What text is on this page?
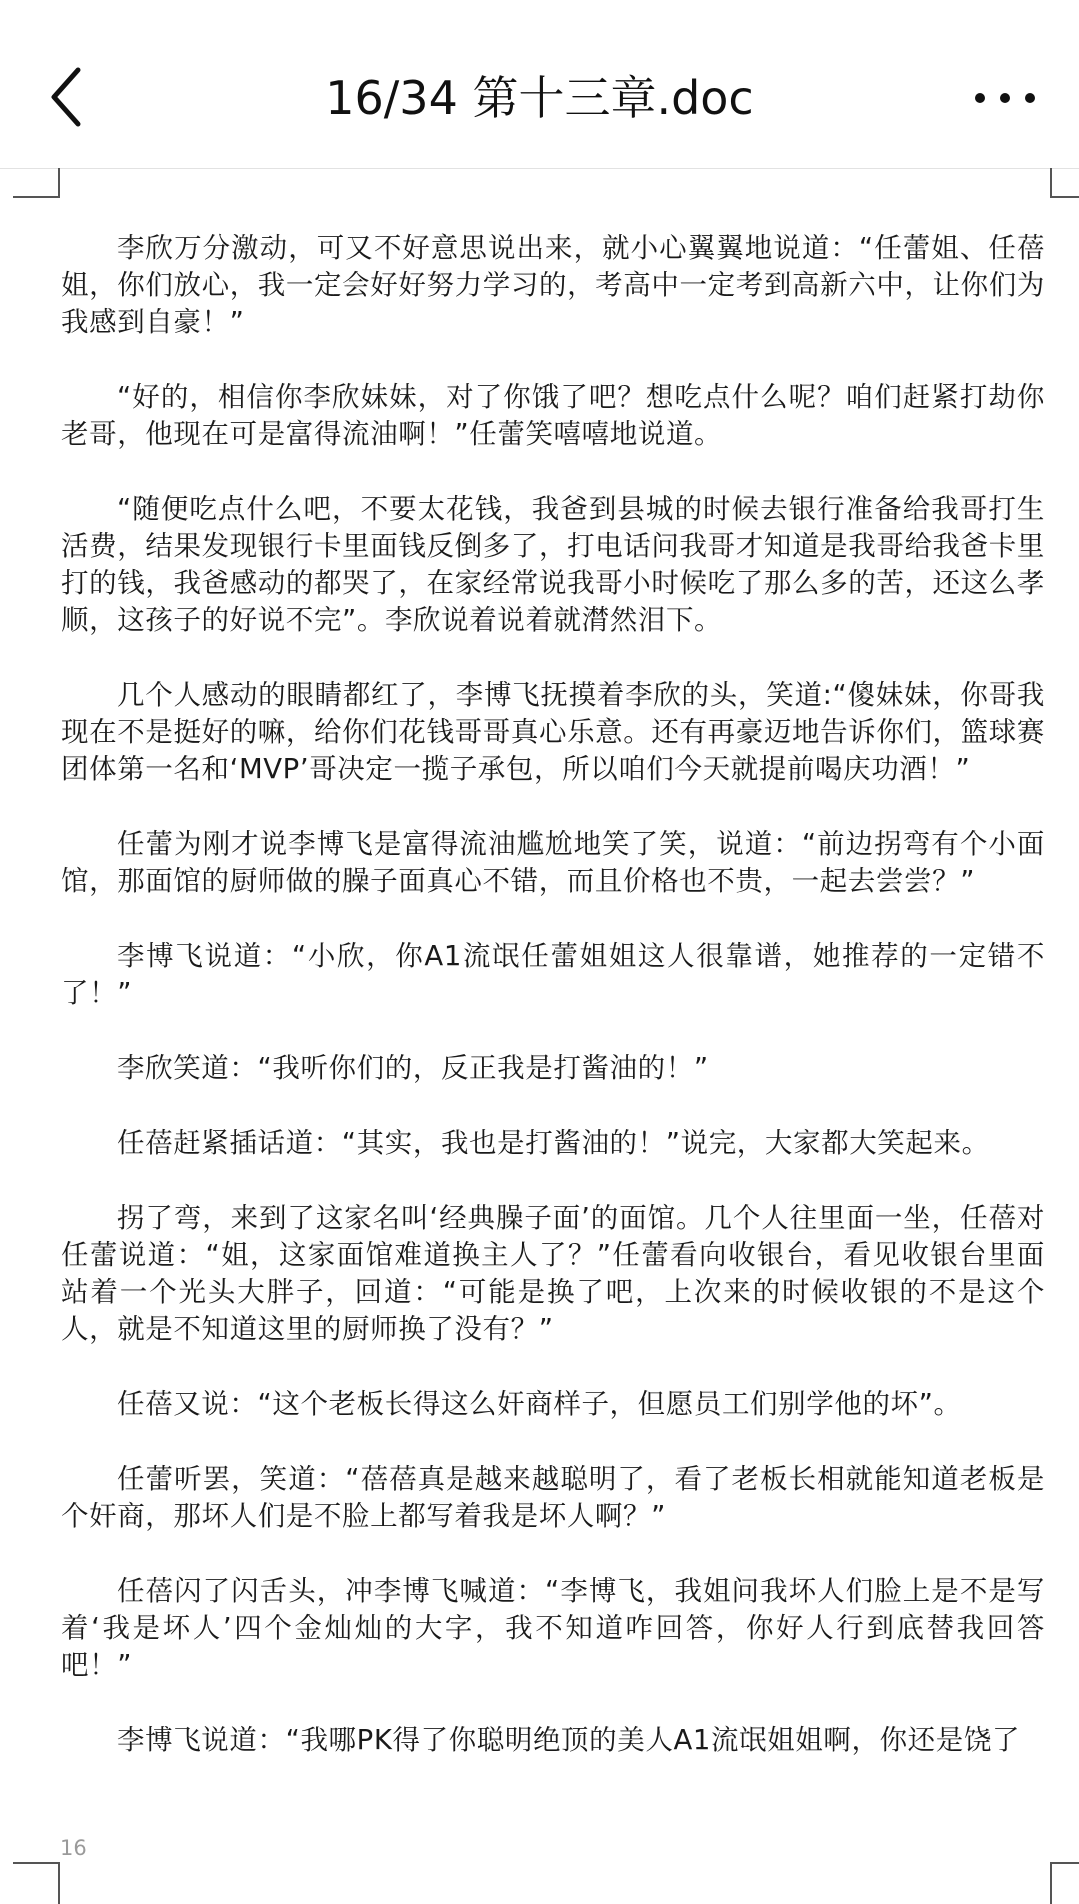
16/34 第十三章.doc

李欣万分激动，可又不好意思说出来，就小心翼翼地说道：“任蕾姐、任蓓姐，你们放心，我一定会好好努力学习的，考高中一定考到高新六中，让你们为我感到自豪！”

“好的，相信你李欣妹妹，对了你饿了吧？想吃点什么呢？咱们赶紧打劫你老哥，他现在可是富得流油啊！”任蕾笑嘻嘻地说道。

“随便吃点什么吧，不要太花钱，我爸到县城的时候去银行准备给我哥打生活费，结果发现银行卡里面钱反倒多了，打电话问我哥才知道是我哥给我爸卡里打的钱，我爸感动的都哭了，在家经常说我哥小时候吃了那么多的苦，还这么孝顺，这孩子的好说不完”。李欣说着说着就潸然泪下。

几个人感动的眼睛都红了，李博飞抚摸着李欣的头，笑道:“傻妹妹，你哥我现在不是挺好的嘛，给你们花钱哥哥真心乐意。还有再豪迈地告诉你们，篮球赛团体第一名和‘MVP’哥决定一揽子承包，所以咱们今天就提前喝庆功酒！”

任蕾为刚才说李博飞是富得流油尴尬地笑了笑，说道：“前边拐弯有个小面馆，那面馆的厨师做的臊子面真心不错，而且价格也不贵，一起去尝尝？”

李博飞说道：“小欣，你A1流氓任蕾姐姐这人很靠谱，她推荐的一定错不了！”

李欣笑道：“我听你们的，反正我是打酱油的！”

任蓓赶紧插话道：“其实，我也是打酱油的！”说完，大家都大笑起来。

拐了弯，来到了这家名叫‘经典臊子面’的面馆。几个人往里面一坐，任蓓对任蕾说道：“姐，这家面馆难道换主人了？”任蕾看向收银台，看见收银台里面站着一个光头大胖子，回道：“可能是换了吧，上次来的时候收银的不是这个人，就是不知道这里的厨师换了没有？”

任蓓又说：“这个老板长得这么奸商样子，但愿员工们别学他的坏”。

任蕾听罢，笑道：“蓓蓓真是越来越聪明了，看了老板长相就能知道老板是个奸商，那坏人们是不脸上都写着我是坏人啊？”

任蓓闪了闪舌头，冲李博飞喊道：“李博飞，我姐问我坏人们脸上是不是写着‘我是坏人’四个金灿灿的大字，我不知道咋回答，你好人行到底替我回答吧！”

李博飞说道：“我哪PK得了你聪明绝顶的美人A1流氓姐姐啊，你还是饶了

16
